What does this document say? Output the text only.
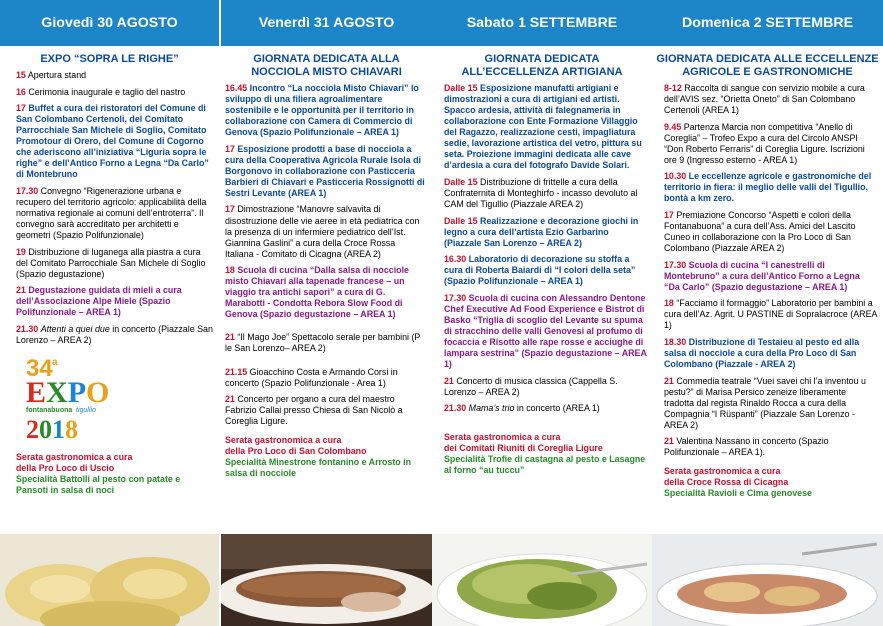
Giovedì 30 AGOSTO
EXPO “SOPRA LE RIGHE”
15 Apertura stand
16 Cerimonia inaugurale e taglio del nastro
17 Buffet a cura dei ristoratori del Comune di San Colombano Certenoli, del Comitato Parrocchiale San Michele di Soglio, Comitato Promotour di Orero, del Comune di Cogorno che aderiscono all’iniziativa “Liguria sopra le righe” e dell’Antico Forno a Legna “Da Carlo” di Montebruno
17.30 Convegno “Rigenerazione urbana e recupero del territorio agricolo: applicabilità della normativa regionale ai comuni dell’entroterra”. Il convegno sarà accreditato per architetti e geometri (Spazio Polifunzionale)
19 Distribuzione di luganega alla piastra a cura del Comitato Parrocchiale San Michele di Soglio (Spazio degustazione)
21 Degustazione guidata di mieli a cura dell’Associazione Alpe Miele (Spazio Polifunzionale – AREA 1)
21.30 Attenti a quei due in concerto (Piazzale San Lorenzo – AREA 2)
34 a
EXPO
fontanabuona tigullio
2018
Serata gastronomica a cura
della Pro Loco di Uscio
Specialità Battolli al pesto con patate e Pansoti in salsa di noci
Venerdì 31 AGOSTO
GIORNATA DEDICATA ALLA NOCCIOLA MISTO CHIAVARI
16.45 Incontro “La nocciola Misto Chiavari” lo sviluppo di una filiera agroalimentare sostenibile e le opportunità per il territorio in collaborazione con Camera di Commercio di Genova (Spazio Polifunzionale – AREA 1)
17 Esposizione prodotti a base di nocciola a cura della Cooperativa Agricola Rurale Isola di Borgonovo in collaborazione con Pasticceria Barbieri di Chiavari e Pasticceria Rossignotti di Sestri Levante (AREA 1)
17 Dimostrazione “Manovre salvavita di disostruzione delle vie aeree in età pediatrica con la presenza di un infermiere pediatrico dell’Ist. Giannina Gaslini” a cura della Croce Rossa Italiana - Comitato di Cicagna (AREA 2)
18 Scuola di cucina “Dalla salsa di nocciole misto Chiavari alla tapenade francese – un viaggio tra antichi sapori” a cura di G. Marabotti - Condotta Rebora Slow Food di Genova (Spazio degustazione – AREA 1)
21 “Il Mago Joe” Spettacolo serale per bambini (P le San Lorenzo– AREA 2)
21.15 Gioacchino Costa e Armando Corsi in concerto (Spazio Polifunzionale - Area 1)
21 Concerto per organo a cura del maestro Fabrizio Callai presso Chiesa di San Nicolò a Coreglia Ligure.
Serata gastronomica a cura
della Pro Loco di San Colombano
Specialità Minestrone fontanino e Arrosto in salsa di nocciole
Sabato 1 SETTEMBRE
GIORNATA DEDICATA ALL’ECCELLENZA ARTIGIANA
Dalle 15 Esposizione manufatti artigiani e dimostrazioni a cura di artigiani ed artisti. Spacco ardesia, attività di falegnameria in collaborazione con Ente Formazione Villaggio del Ragazzo, realizzazione cesti, impagliatura sedie, lavorazione artistica del vetro, pittura su seta. Proiezione immagini dedicata alle cave d’ardesia a cura del fotografo Davide Solari.
Dalle 15 Distribuzione di frittelle a cura della Confraternita di Monteghirfo - incasso devoluto al CAM del Tigullio (Piazzale AREA 2)
Dalle 15 Realizzazione e decorazione giochi in legno a cura dell’artista Ezio Garbarino (Piazzale San Lorenzo – AREA 2)
16.30 Laboratorio di decorazione su stoffa a cura di Roberta Baiardi di “I colori della seta” (Spazio Polifunzionale – AREA 1)
17.30 Scuola di cucina con Alessandro Dentone Chef Executive Ad Food Experience e Bistrot di Basko “Triglia di scoglio del Levante su spuma di stracchino delle valli Genovesi al profumo di focaccia e Risotto alle rape rosse e acciughe di lampara sestrina” (Spazio degustazione – AREA 1)
21 Concerto di musica classica (Cappella S. Lorenzo – AREA 2)
21.30 Mama’s trio in concerto (AREA 1)
Serata gastronomica a cura
dei Comitati Riuniti di Coreglia Ligure
Specialità Trofie di castagna al pesto e Lasagne al forno “au tuccu”
Domenica 2 SETTEMBRE
GIORNATA DEDICATA ALLE ECCELLENZE AGRICOLE E GASTRONOMICHE
8-12 Raccolta di sangue con servizio mobile a cura dell’AVIS sez. “Orietta Oneto” di San Colombano Certenoli (AREA 1)
9.45 Partenza Marcia non competitiva “Anello di Coreglia” – Trofeo Expo a cura del Circolo ANSPI “Don Roberto Ferraris” di Coreglia Ligure. Iscrizioni ore 9 (Ingresso esterno - AREA 1)
10.30 Le eccellenze agricole e gastronomiche del territorio in fiera: il meglio delle valli del Tigullio, bontà a km zero.
17 Premiazione Concorso “Aspetti e colori della Fontanabuona” a cura dell’Ass. Amici del Lascito Cuneo in collaborazione con la Pro Loco di San Colombano (Piazzale AREA 2)
17.30 Scuola di cucina “I canestrelli di Montebruno” a cura dell’Antico Forno a Legna “Da Carlo” (Spazio degustazione – AREA 1)
18 “Facciamo il formaggio” Laboratorio per bambini a cura dell’Az. Agrit. U PASTINE di Sopralacroce (AREA 1)
18.30 Distribuzione di Testaieu al pesto ed alla salsa di nocciole a cura della Pro Loco di San Colombano (Piazzale - AREA 2)
21 Commedia teatrale “Vuei savei chi l’a inventou u pestu?” di Marisa Persico zeneize liberamente tradotta dal regista Rinaldo Rocca a cura della Compagnia “I Rüspanti” (Piazzale San Lorenzo - AREA 2)
21 Valentina Nassano in concerto (Spazio Polifunzionale – AREA 1).
Serata gastronomica a cura
della Croce Rossa di Cicagna
Specialità Ravioli e Cima genovese
